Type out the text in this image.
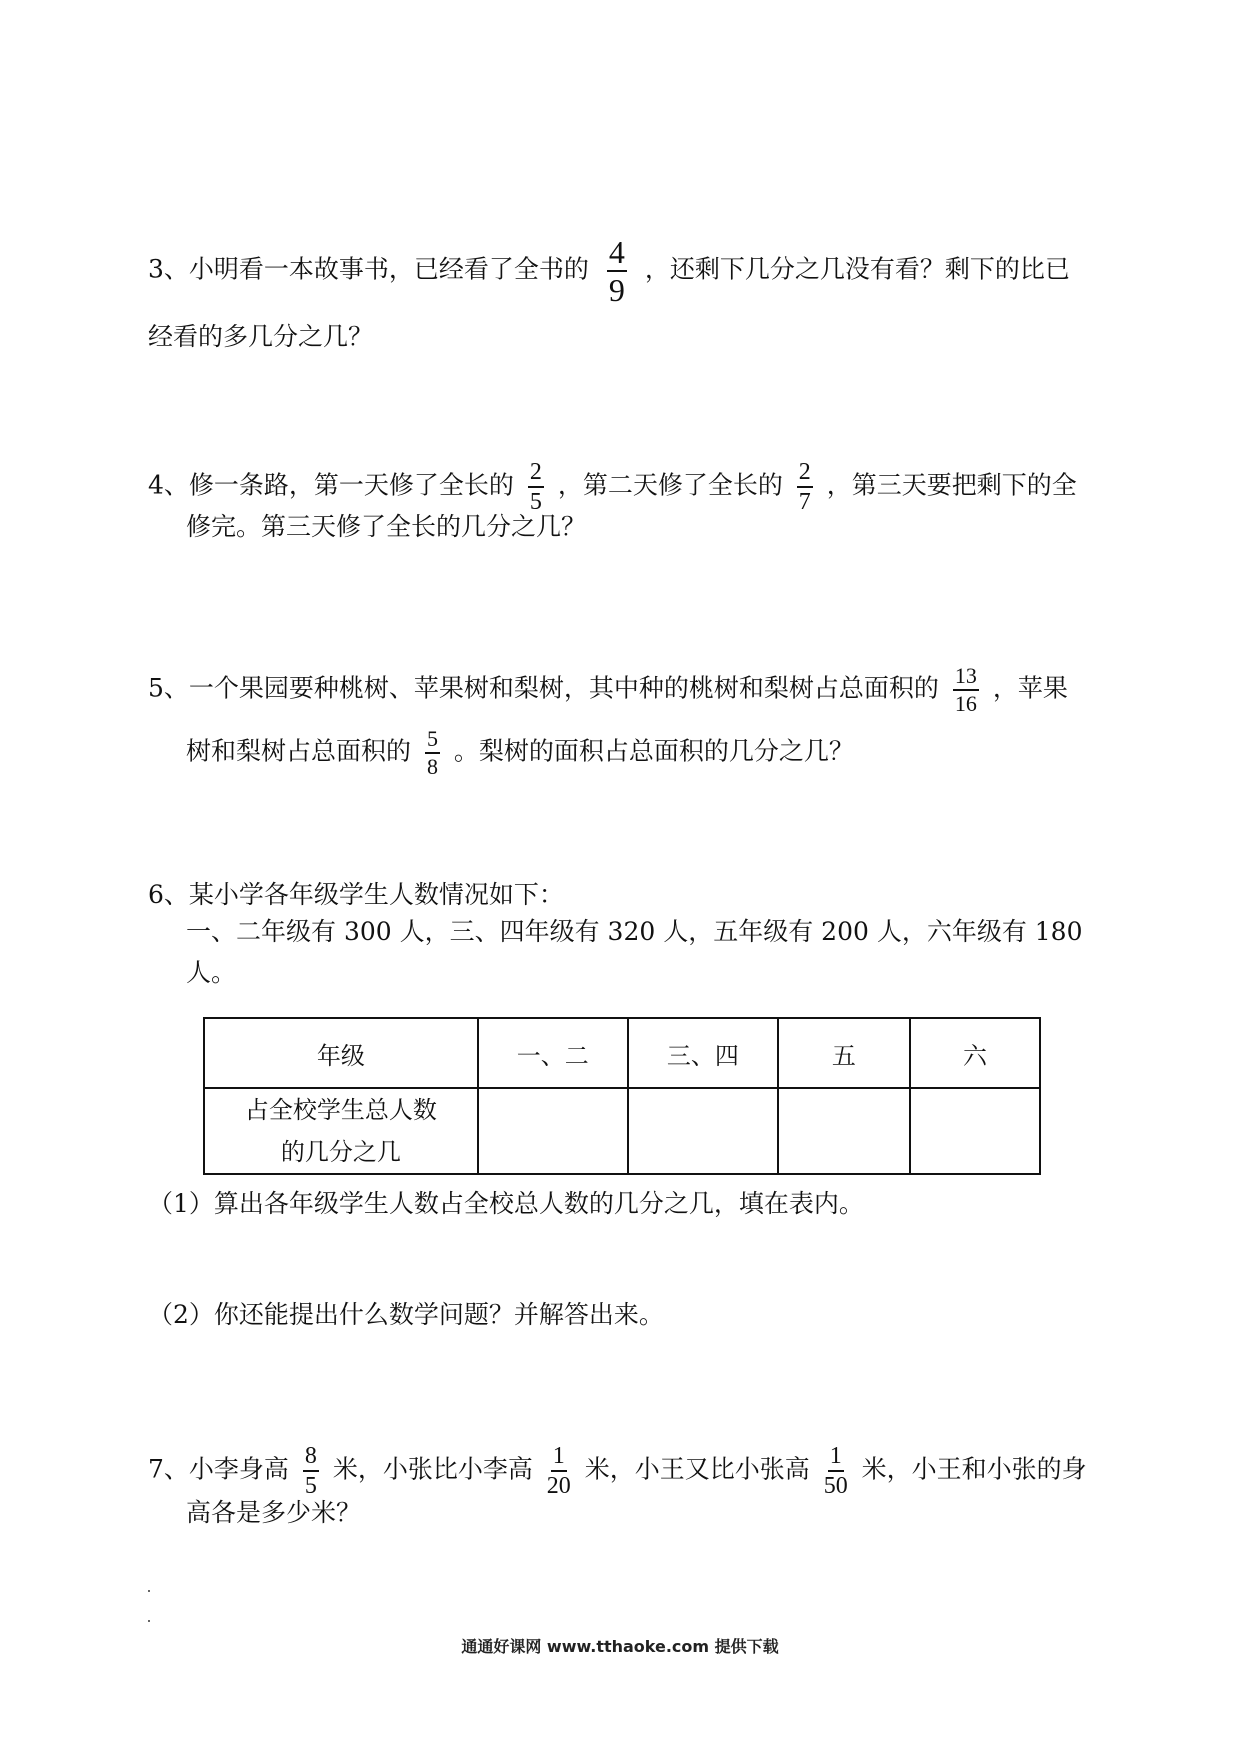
3、小明看一本故事书，已经看了全书的 $\frac{4}{9}$ ，还剩下几分之几没有看？剩下的比已
经看的多几分之几？
4、修一条路，第一天修了全长的 $\frac{2}{5}$ ，第二天修了全长的 $\frac{2}{7}$ ，第三天要把剩下的全
修完。第三天修了全长的几分之几？
5、一个果园要种桃树、苹果树和梨树，其中种的桃树和梨树占总面积的 $\frac{13}{16}$ ，苹果
树和梨树占总面积的 $\frac{5}{8}$ 。梨树的面积占总面积的几分之几？
6、某小学各年级学生人数情况如下：
一、二年级有 300 人，三、四年级有 320 人，五年级有 200 人，六年级有 180
人。
年级	一、二	三、四	五	六

占全校学生总人数
的几分之几				

（1）算出各年级学生人数占全校总人数的几分之几，填在表内。
（2）你还能提出什么数学问题？并解答出来。
7、小李身高 $\frac{8}{5}$ 米，小张比小李高 $\frac{1}{20}$ 米，小王又比小张高 $\frac{1}{50}$ 米，小王和小张的身
高各是多少米？
通通好课网 www.tthaoke.com 提供下载
